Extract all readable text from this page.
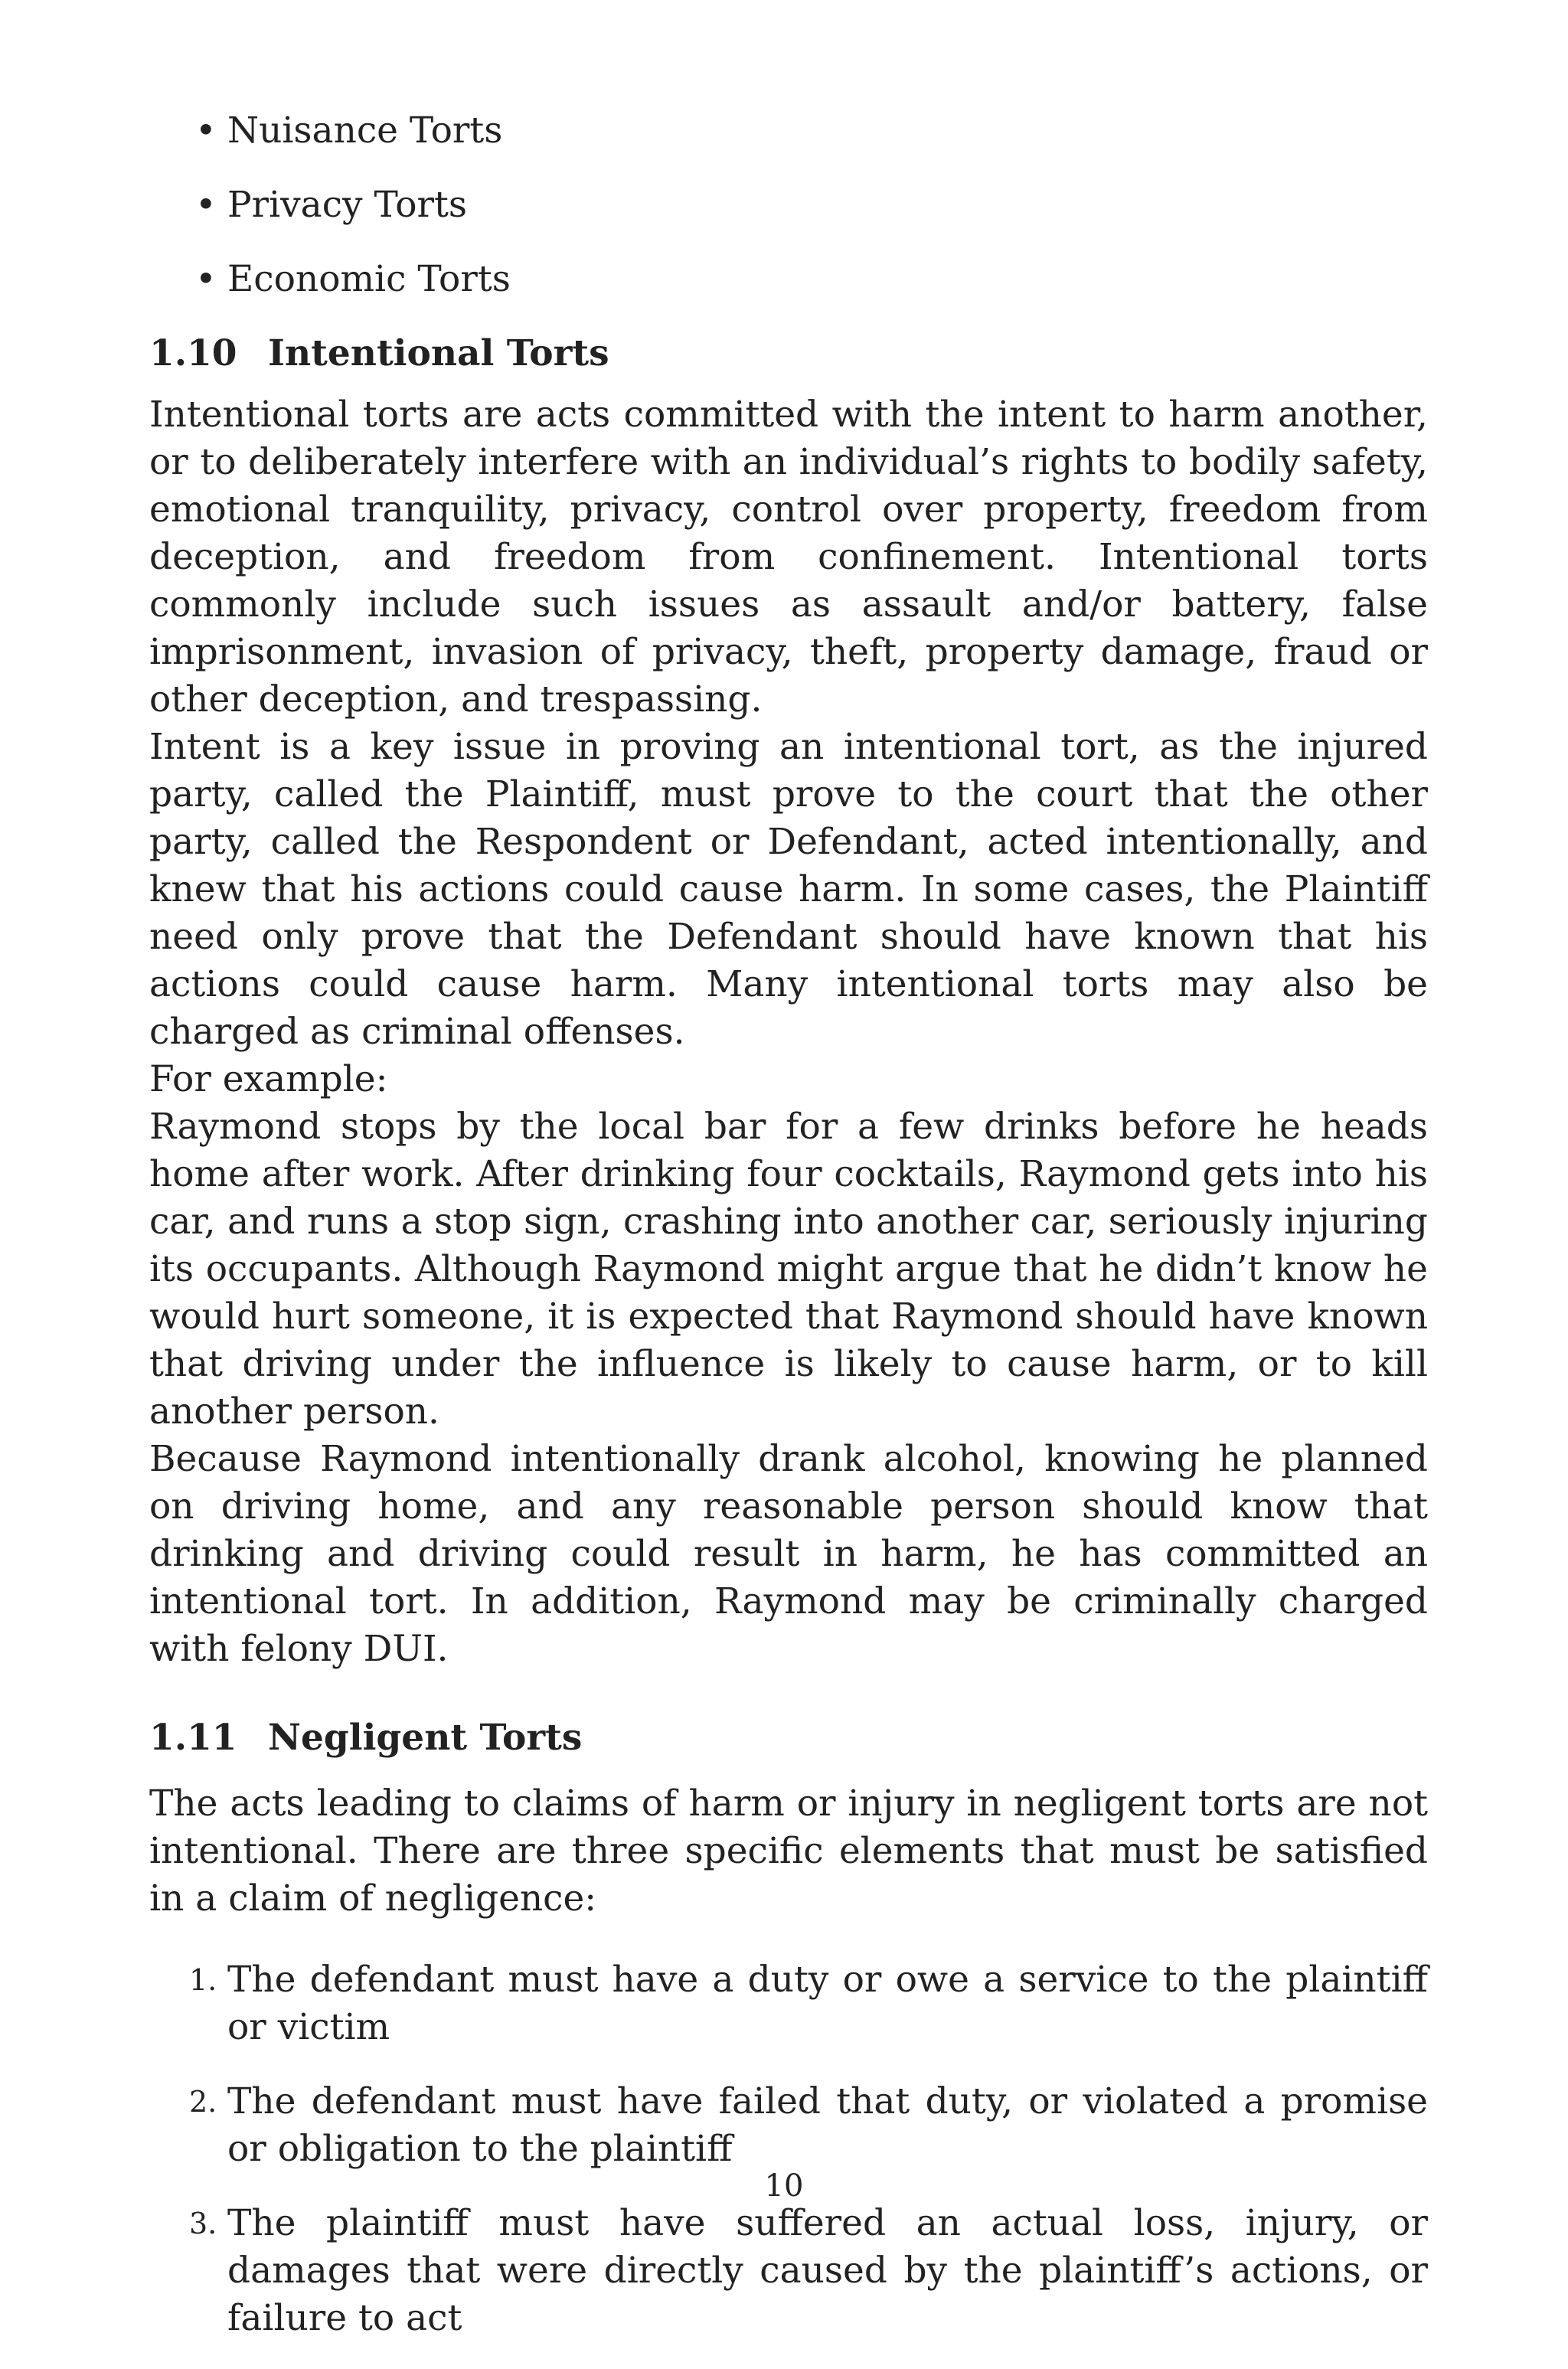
• Nuisance Torts
• Privacy Torts
• Economic Torts
1.10 Intentional Torts

Intentional torts are acts committed with the intent to harm another, or to deliberately interfere with an individual’s rights to bodily safety, emotional tranquility, privacy, control over property, freedom from deception, and freedom from confinement. Intentional torts commonly include such issues as assault and/or battery, false imprisonment, invasion of privacy, theft, property damage, fraud or other deception, and trespassing.

Intent is a key issue in proving an intentional tort, as the injured party, called the Plaintiff, must prove to the court that the other party, called the Respondent or Defendant, acted intentionally, and knew that his actions could cause harm. In some cases, the Plaintiff need only prove that the Defendant should have known that his actions could cause harm. Many intentional torts may also be charged as criminal offenses.

For example:

Raymond stops by the local bar for a few drinks before he heads home after work. After drinking four cocktails, Raymond gets into his car, and runs a stop sign, crashing into another car, seriously injuring its occupants. Although Raymond might argue that he didn’t know he would hurt someone, it is expected that Raymond should have known that driving under the influence is likely to cause harm, or to kill another person.

Because Raymond intentionally drank alcohol, knowing he planned on driving home, and any reasonable person should know that drinking and driving could result in harm, he has committed an intentional tort. In addition, Raymond may be criminally charged with felony DUI.

1.11 Negligent Torts

The acts leading to claims of harm or injury in negligent torts are not intentional. There are three specific elements that must be satisfied in a claim of negligence:

1. The defendant must have a duty or owe a service to the plaintiff or victim
2. The defendant must have failed that duty, or violated a promise or obligation to the plaintiff
3. The plaintiff must have suffered an actual loss, injury, or damages that were directly caused by the plaintiff’s actions, or failure to act
10
